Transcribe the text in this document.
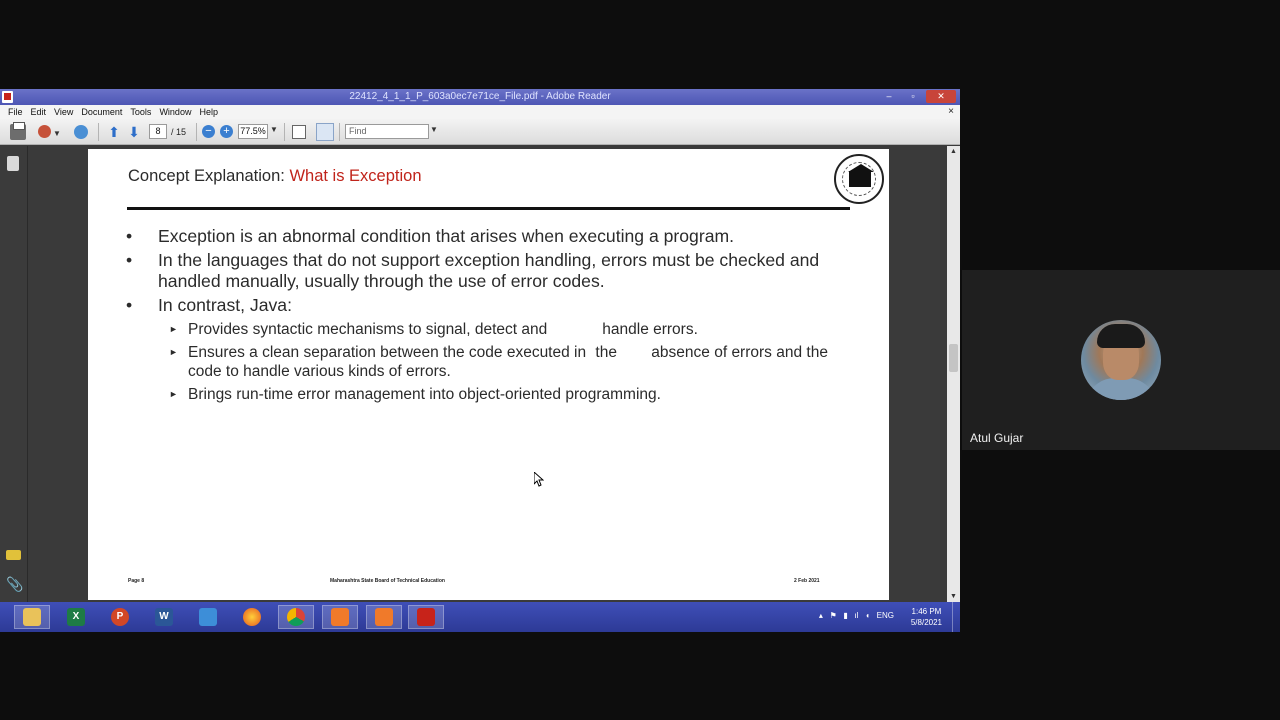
22412_4_1_1_P_603a0ec7e71ce_File.pdf - Adobe Reader	–	▫	✕
File Edit View Document Tools Window Help	×
▼	⬆ ⬇	8	/ 15 − +	77.5% ▼	Find	▼
📎
▲
▼
Concept Explanation: What is Exception
• Exception is an abnormal condition that arises when executing a program.
• In the languages that do not support exception handling, errors must be checked and handled manually, usually through the use of error codes.
• In contrast, Java:
► Provides syntactic mechanisms to signal, detect and	handle errors.
► Ensures a clean separation between the code executed in the absence of errors and the code to handle various kinds of errors.
► Brings run-time error management into object-oriented programming.
Page 8	Maharashtra State Board of Technical Education	2 Feb 2021
X	P	W	▴   ⚑   ▮   ıl   ◖   ENG 1:46 PM
5/8/2021
Atul Gujar
